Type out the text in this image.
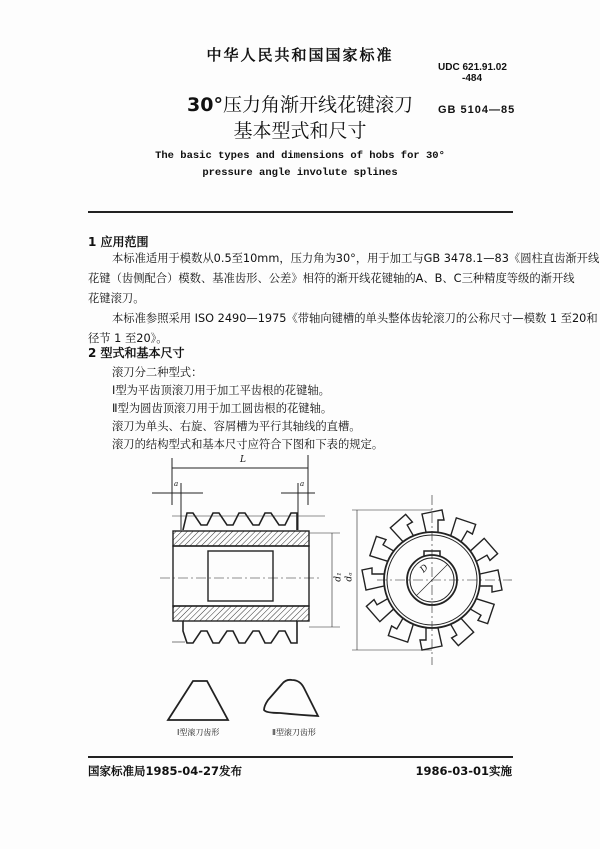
中华人民共和国国家标准
UDC 621.91.02
-484
GB 5104—85
30°压力角渐开线花键滚刀
基本型式和尺寸
The basic types and dimensions of hobs for 30°
pressure angle involute splines
1 应用范围
本标准适用于模数从0.5至10mm，压力角为30°，用于加工与GB 3478.1—83《圆柱直齿渐开线
花键（齿侧配合）模数、基准齿形、公差》相符的渐开线花键轴的A、B、C三种精度等级的渐开线
花键滚刀。
本标准参照采用 ISO 2490—1975《带轴向键槽的单头整体齿轮滚刀的公称尺寸—模数 1 至20和
径节 1 至20》。
2 型式和基本尺寸
滚刀分二种型式：
Ⅰ型为平齿顶滚刀用于加工平齿根的花键轴。
Ⅱ型为圆齿顶滚刀用于加工圆齿根的花键轴。
滚刀为单头、右旋、容屑槽为平行其轴线的直槽。
滚刀的结构型式和基本尺寸应符合下图和下表的规定。
L
a	a
d₁ dₐ
D
Ⅰ型滚刀齿形	Ⅱ型滚刀齿形
国家标准局1985-04-27发布	1986-03-01实施
